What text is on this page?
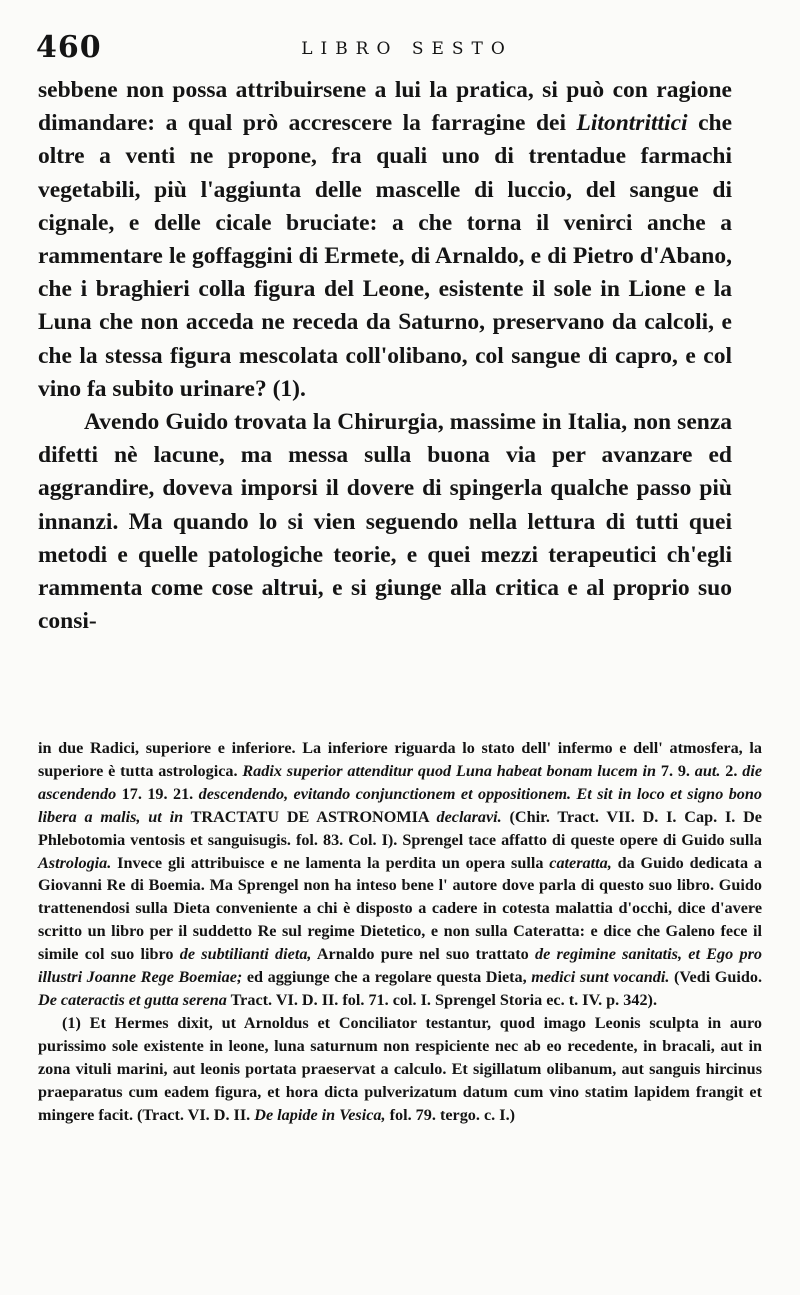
460	LIBRO SESTO

sebbene non possa attribuirsene a lui la pratica, si può con ragione dimandare: a qual prò accrescere la farragine dei Litontrittici che oltre a venti ne propone, fra quali uno di trentadue farmachi vegetabili, più l'aggiunta delle mascelle di luccio, del sangue di cignale, e delle cicale bruciate: a che torna il venirci anche a rammentare le goffaggini di Ermete, di Arnaldo, e di Pietro d'Abano, che i braghieri colla figura del Leone, esistente il sole in Lione e la Luna che non acceda ne receda da Saturno, preservano da calcoli, e che la stessa figura mescolata coll'olibano, col sangue di capro, e col vino fa subito urinare? (1).

Avendo Guido trovata la Chirurgia, massime in Italia, non senza difetti nè lacune, ma messa sulla buona via per avanzare ed aggrandire, doveva imporsi il dovere di spingerla qualche passo più innanzi. Ma quando lo si vien seguendo nella lettura di tutti quei metodi e quelle patologiche teorie, e quei mezzi terapeutici ch'egli rammenta come cose altrui, e si giunge alla critica e al proprio suo consi-

in due Radici, superiore e inferiore. La inferiore riguarda lo stato dell' infermo e dell' atmosfera, la superiore è tutta astrologica. Radix superior attenditur quod Luna habeat bonam lucem in 7. 9. aut. 2. die ascendendo 17. 19. 21. descendendo, evitando conjunctionem et oppositionem. Et sit in loco et signo bono libera a malis, ut in TRACTATU DE ASTRONOMIA declaravi. (Chir. Tract. VII. D. I. Cap. I. De Phlebotomia ventosis et sanguisugis. fol. 83. Col. I). Sprengel tace affatto di queste opere di Guido sulla Astrologia. Invece gli attribuisce e ne lamenta la perdita un opera sulla cateratta, da Guido dedicata a Giovanni Re di Boemia. Ma Sprengel non ha inteso bene l' autore dove parla di questo suo libro. Guido trattenendosi sulla Dieta conveniente a chi è disposto a cadere in cotesta malattia d'occhi, dice d'avere scritto un libro per il suddetto Re sul regime Dietetico, e non sulla Cateratta: e dice che Galeno fece il simile col suo libro de subtilianti dieta, Arnaldo pure nel suo trattato de regimine sanitatis, et Ego pro illustri Joanne Rege Boemiae; ed aggiunge che a regolare questa Dieta, medici sunt vocandi. (Vedi Guido. De cateractis et gutta serena Tract. VI. D. II. fol. 71. col. I. Sprengel Storia ec. t. IV. p. 342).

(1) Et Hermes dixit, ut Arnoldus et Conciliator testantur, quod imago Leonis sculpta in auro purissimo sole existente in leone, luna saturnum non respiciente nec ab eo recedente, in bracali, aut in zona vituli marini, aut leonis portata praeservat a calculo. Et sigillatum olibanum, aut sanguis hircinus praeparatus cum eadem figura, et hora dicta pulverizatum datum cum vino statim lapidem frangit et mingere facit. (Tract. VI. D. II. De lapide in Vesica, fol. 79. tergo. c. I.)
